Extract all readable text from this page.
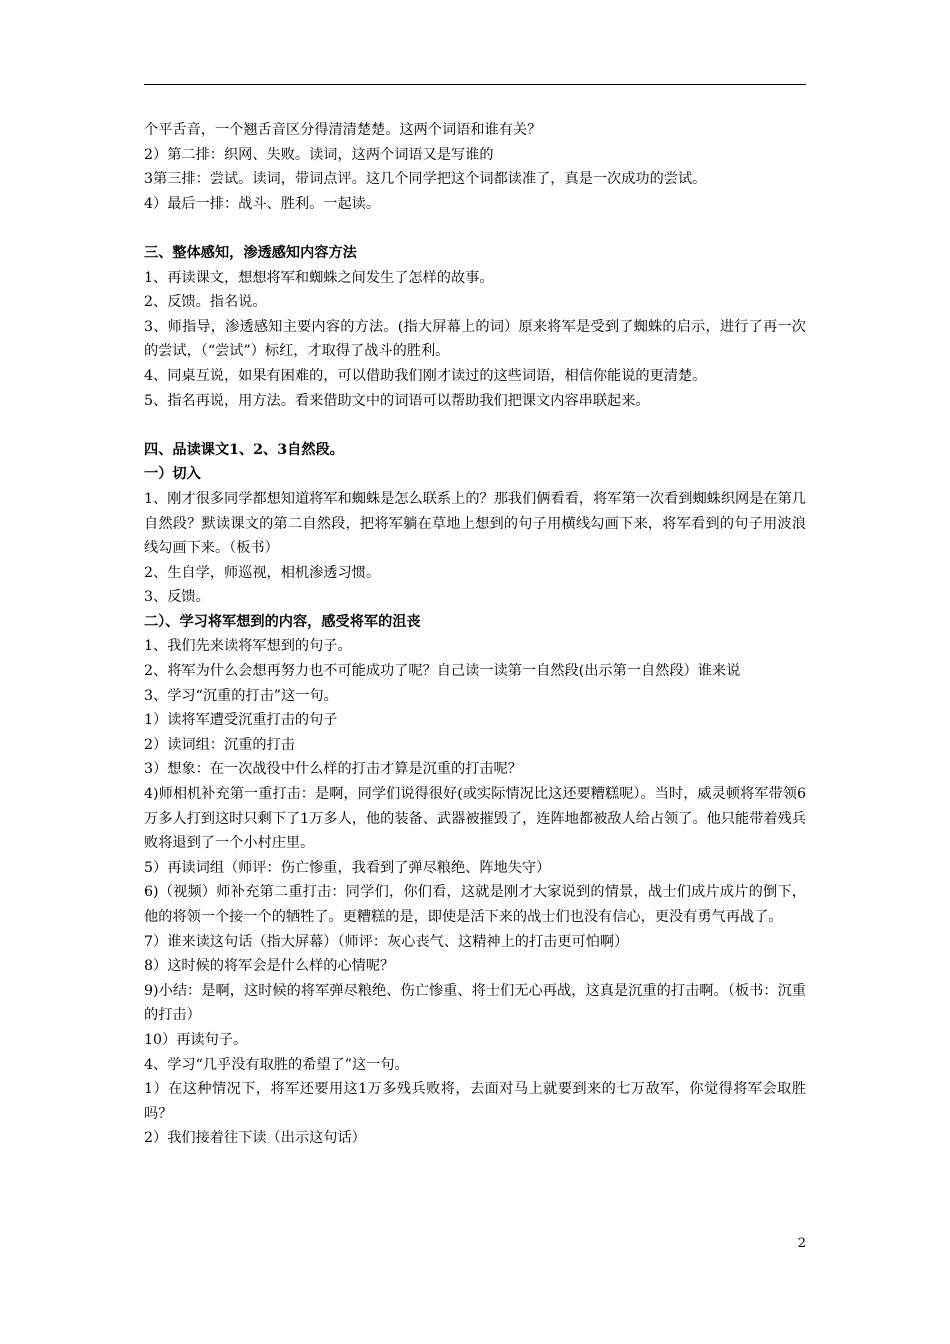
个平舌音，一个翘舌音区分得清清楚楚。这两个词语和谁有关？

2）第二排：织网、失败。读词，这两个词语又是写谁的

3第三排：尝试。读词，带词点评。这几个同学把这个词都读准了，真是一次成功的尝试。

4）最后一排：战斗、胜利。一起读。

三、整体感知，渗透感知内容方法

1、再读课文，想想将军和蜘蛛之间发生了怎样的故事。

2、反馈。指名说。

3、师指导，渗透感知主要内容的方法。(指大屏幕上的词）原来将军是受到了蜘蛛的启示，进行了再一次的尝试，（“尝试”）标红，才取得了战斗的胜利。

4、同桌互说，如果有困难的，可以借助我们刚才读过的这些词语，相信你能说的更清楚。

5、指名再说，用方法。看来借助文中的词语可以帮助我们把课文内容串联起来。

四、品读课文1、2、3自然段。

一）切入

1、刚才很多同学都想知道将军和蜘蛛是怎么联系上的？那我们俩看看，将军第一次看到蜘蛛织网是在第几自然段？默读课文的第二自然段，把将军躺在草地上想到的句子用横线勾画下来，将军看到的句子用波浪线勾画下来。（板书）

2、生自学，师巡视，相机渗透习惯。

3、反馈。

二）、学习将军想到的内容，感受将军的沮丧

1、我们先来读将军想到的句子。

2、将军为什么会想再努力也不可能成功了呢？自己读一读第一自然段(出示第一自然段）谁来说

3、学习“沉重的打击”这一句。

1）读将军遭受沉重打击的句子

2）读词组：沉重的打击

3）想象：在一次战役中什么样的打击才算是沉重的打击呢？

4)师相机补充第一重打击：是啊，同学们说得很好(或实际情况比这还要糟糕呢）。当时，威灵顿将军带领6万多人打到这时只剩下了1万多人，他的装备、武器被摧毁了，连阵地都被敌人给占领了。他只能带着残兵败将退到了一个小村庄里。

5）再读词组（师评：伤亡惨重，我看到了弹尽粮绝、阵地失守）

6)（视频）师补充第二重打击：同学们，你们看，这就是刚才大家说到的情景，战士们成片成片的倒下，他的将领一个接一个的牺牲了。更糟糕的是，即使是活下来的战士们也没有信心，更没有勇气再战了。

7）谁来读这句话（指大屏幕）（师评：灰心丧气、这精神上的打击更可怕啊）

8）这时候的将军会是什么样的心情呢？

9)小结：是啊，这时候的将军弹尽粮绝、伤亡惨重、将士们无心再战，这真是沉重的打击啊。（板书：沉重的打击）

10）再读句子。

4、学习“几乎没有取胜的希望了”这一句。

1）在这种情况下，将军还要用这1万多残兵败将，去面对马上就要到来的七万敌军，你觉得将军会取胜吗？

2）我们接着往下读（出示这句话）

2
